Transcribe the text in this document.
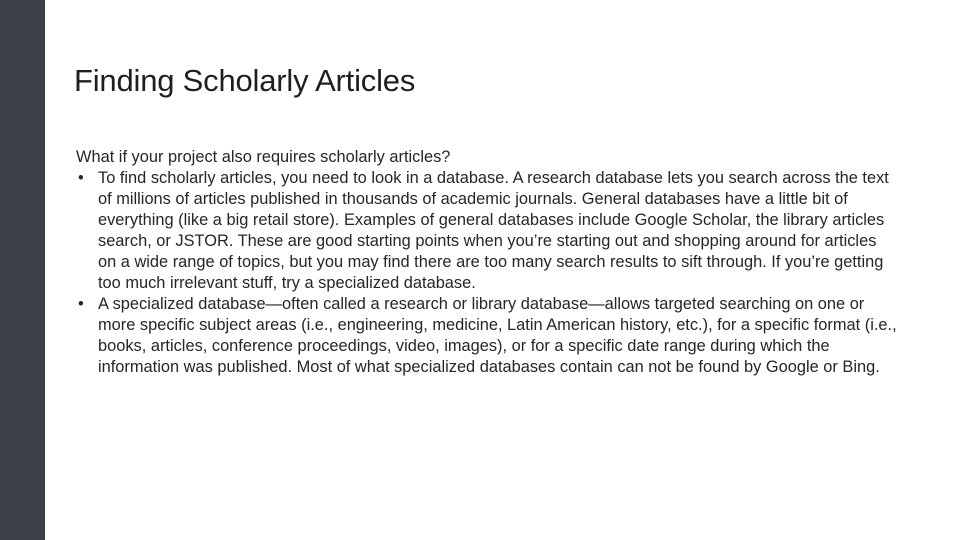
Finding Scholarly Articles

What if your project also requires scholarly articles?

• To find scholarly articles, you need to look in a database. A research database lets you search across the text of millions of articles published in thousands of academic journals. General databases have a little bit of everything (like a big retail store). Examples of general databases include Google Scholar, the library articles search, or JSTOR. These are good starting points when you’re starting out and shopping around for articles on a wide range of topics, but you may find there are too many search results to sift through. If you’re getting too much irrelevant stuff, try a specialized database.
• A specialized database—often called a research or library database—allows targeted searching on one or more specific subject areas (i.e., engineering, medicine, Latin American history, etc.), for a specific format (i.e., books, articles, conference proceedings, video, images), or for a specific date range during which the information was published. Most of what specialized databases contain can not be found by Google or Bing.
